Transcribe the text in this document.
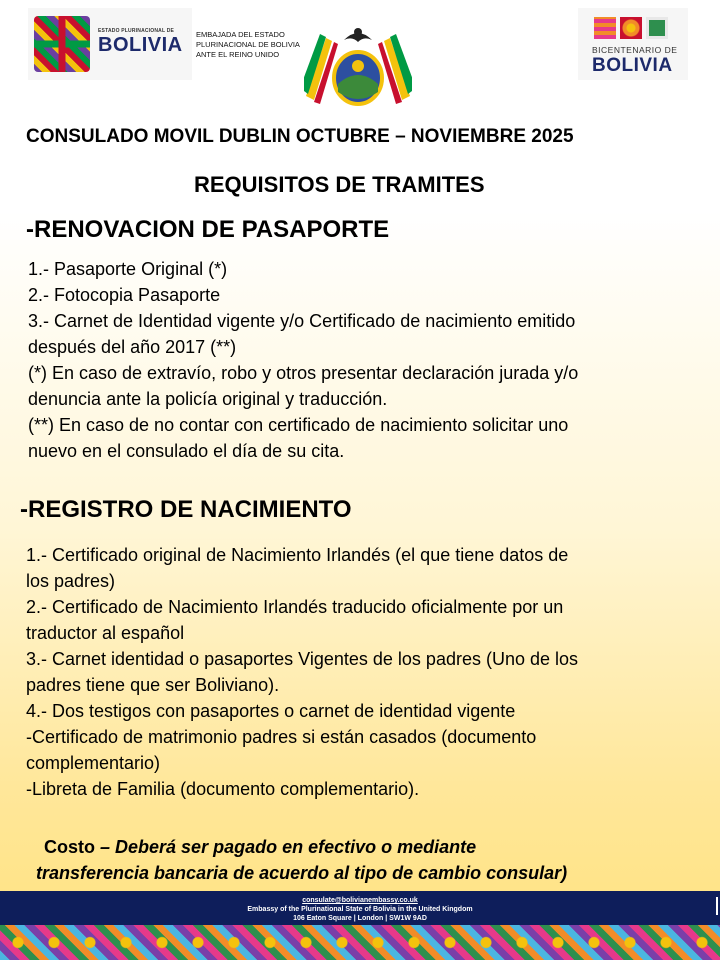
ESTADO PLURINACIONAL DE
BOLIVIA EMBAJADA DEL ESTADO
PLURINACIONAL DE BOLIVIA
ANTE EL REINO UNIDO	BICENTENARIO DE
BOLIVIA
CONSULADO MOVIL DUBLIN OCTUBRE – NOVIEMBRE 2025
REQUISITOS DE TRAMITES
-RENOVACION DE PASAPORTE
1.- Pasaporte Original (*)
2.- Fotocopia Pasaporte
3.- Carnet de Identidad vigente y/o Certificado de nacimiento emitido
después del año 2017 (**)
(*) En caso de extravío, robo y otros presentar declaración jurada y/o
denuncia ante la policía original y traducción.
(**) En caso de no contar con certificado de nacimiento solicitar uno
nuevo en el consulado el día de su cita.
-REGISTRO DE NACIMIENTO
1.- Certificado original de Nacimiento Irlandés (el que tiene datos de
los padres)
2.- Certificado de Nacimiento Irlandés traducido oficialmente por un
traductor al español
3.- Carnet identidad o pasaportes Vigentes de los padres (Uno de los
padres tiene que ser Boliviano).
4.- Dos testigos con pasaportes o carnet de identidad vigente
-Certificado de matrimonio padres si están casados (documento
complementario)
-Libreta de Familia (documento complementario).
Costo – Deberá ser pagado en efectivo o mediante
transferencia bancaria de acuerdo al tipo de cambio consular)
consulate@bolivianembassy.co.uk
Embassy of the Plurinational State of Bolivia in the United Kingdom
106 Eaton Square | London | SW1W 9AD
